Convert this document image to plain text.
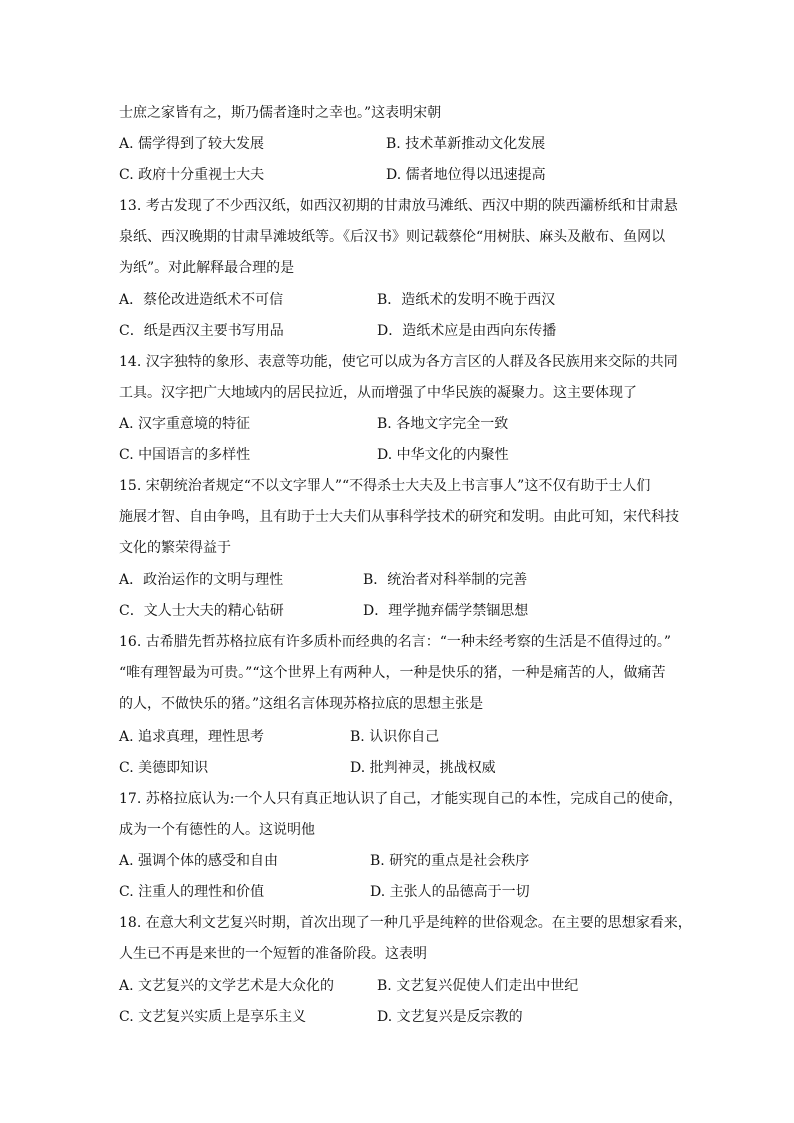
士庶之家皆有之，斯乃儒者逢时之幸也。”这表明宋朝
A. 儒学得到了较大发展	B. 技术革新推动文化发展
C. 政府十分重视士大夫	D. 儒者地位得以迅速提高
13. 考古发现了不少西汉纸，如西汉初期的甘肃放马滩纸、西汉中期的陕西灞桥纸和甘肃悬
泉纸、西汉晚期的甘肃旱滩坡纸等。《后汉书》则记载蔡伦“用树肤、麻头及敝布、鱼网以
为纸”。对此解释最合理的是
A．蔡伦改进造纸术不可信	B．造纸术的发明不晚于西汉
C．纸是西汉主要书写用品	D．造纸术应是由西向东传播
14. 汉字独特的象形、表意等功能，使它可以成为各方言区的人群及各民族用来交际的共同
工具。汉字把广大地域内的居民拉近，从而增强了中华民族的凝聚力。这主要体现了
A. 汉字重意境的特征	B. 各地文字完全一致
C. 中国语言的多样性	D. 中华文化的内聚性
15. 宋朝统治者规定“不以文字罪人”“不得杀士大夫及上书言事人”这不仅有助于士人们
施展才智、自由争鸣，且有助于士大夫们从事科学技术的研究和发明。由此可知，宋代科技
文化的繁荣得益于
A．政治运作的文明与理性	B．统治者对科举制的完善
C．文人士大夫的精心钻研	D．理学抛弃儒学禁锢思想
16. 古希腊先哲苏格拉底有许多质朴而经典的名言：“一种未经考察的生活是不值得过的。”
“唯有理智最为可贵。”“这个世界上有两种人，一种是快乐的猪，一种是痛苦的人，做痛苦
的人，不做快乐的猪。”这组名言体现苏格拉底的思想主张是
A. 追求真理，理性思考	B. 认识你自己
C. 美德即知识	D. 批判神灵，挑战权威
17. 苏格拉底认为:一个人只有真正地认识了自己，才能实现自己的本性，完成自己的使命，
成为一个有德性的人。这说明他
A. 强调个体的感受和自由	B. 研究的重点是社会秩序
C. 注重人的理性和价值	D. 主张人的品德高于一切
18. 在意大利文艺复兴时期，首次出现了一种几乎是纯粹的世俗观念。在主要的思想家看来，
人生已不再是来世的一个短暂的准备阶段。这表明
A. 文艺复兴的文学艺术是大众化的	B. 文艺复兴促使人们走出中世纪
C. 文艺复兴实质上是享乐主义	D. 文艺复兴是反宗教的
